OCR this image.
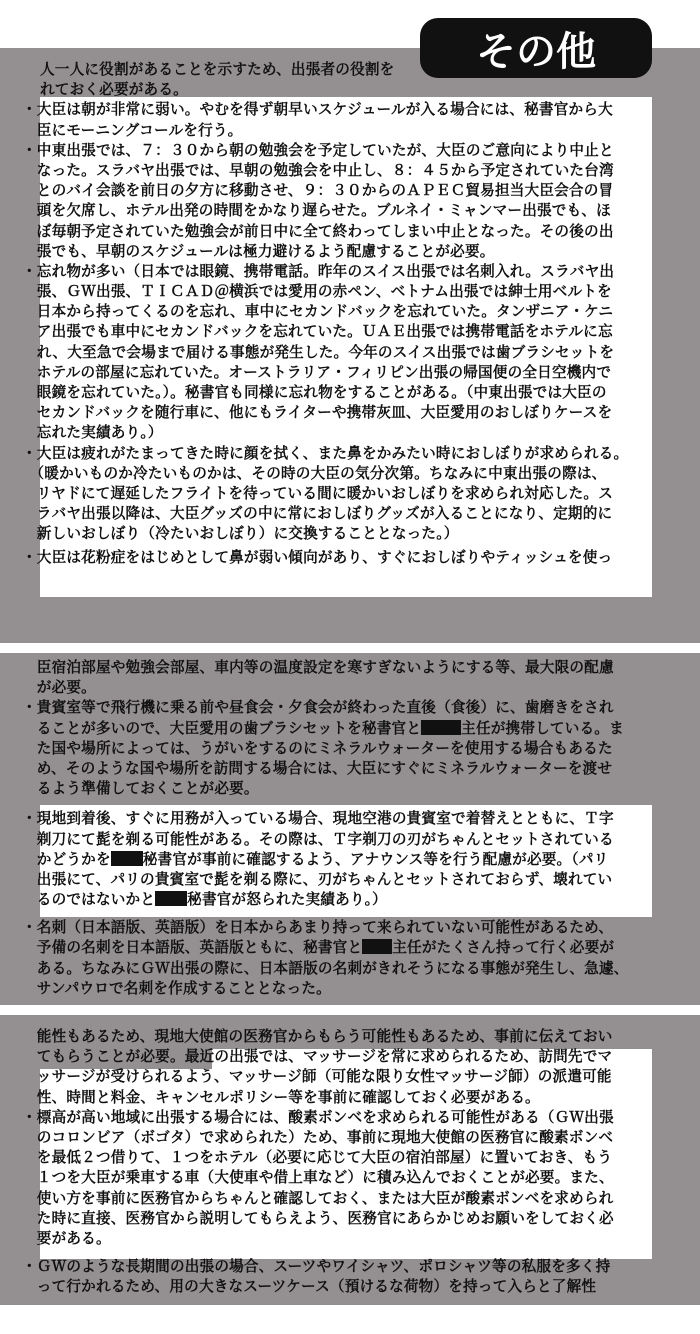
その他
人一人に役割があることを示すため、出張者の役割を
れておく必要がある。
・大臣は朝が非常に弱い。やむを得ず朝早いスケジュールが入る場合には、秘書官から大
　臣にモーニングコールを行う。
・中東出張では、７：３０から朝の勉強会を予定していたが、大臣のご意向により中止と
　なった。スラバヤ出張では、早朝の勉強会を中止し、８：４５から予定されていた台湾
　とのバイ会談を前日の夕方に移動させ、９：３０からのＡＰＥＣ貿易担当大臣会合の冒
　頭を欠席し、ホテル出発の時間をかなり遅らせた。ブルネイ・ミャンマー出張でも、ほ
　ぼ毎朝予定されていた勉強会が前日中に全て終わってしまい中止となった。その後の出
　張でも、早朝のスケジュールは極力避けるよう配慮することが必要。
・忘れ物が多い（日本では眼鏡、携帯電話。昨年のスイス出張では名刺入れ。スラバヤ出
　張、ＧＷ出張、ＴＩＣＡＤ＠横浜では愛用の赤ペン、ベトナム出張では紳士用ベルトを
　日本から持ってくるのを忘れ、車中にセカンドバックを忘れていた。タンザニア・ケニ
　ア出張でも車中にセカンドバックを忘れていた。ＵＡＥ出張では携帯電話をホテルに忘
　れ、大至急で会場まで届ける事態が発生した。今年のスイス出張では歯ブラシセットを
　ホテルの部屋に忘れていた。オーストラリア・フィリピン出張の帰国便の全日空機内で
　眼鏡を忘れていた。）。秘書官も同様に忘れ物をすることがある。（中東出張では大臣の
　セカンドバックを随行車に、他にもライターや携帯灰皿、大臣愛用のおしぼりケースを
　忘れた実績あり。）
・大臣は疲れがたまってきた時に顔を拭く、また鼻をかみたい時におしぼりが求められる。
　（暖かいものか冷たいものかは、その時の大臣の気分次第。ちなみに中東出張の際は、
　リヤドにて遅延したフライトを待っている間に暖かいおしぼりを求められ対応した。ス
　ラバヤ出張以降は、大臣グッズの中に常におしぼりグッズが入ることになり、定期的に
　新しいおしぼり（冷たいおしぼり）に交換することとなった。）
・大臣は花粉症をはじめとして鼻が弱い傾向があり、すぐにおしぼりやティッシュを使っ
　臣宿泊部屋や勉強会部屋、車内等の温度設定を寒すぎないようにする等、最大限の配慮
　が必要。
・貴賓室等で飛行機に乗る前や昼食会・夕食会が終わった直後（食後）に、歯磨きをされ
　ることが多いので、大臣愛用の歯ブラシセットを秘書官と	主任が携帯している。ま
　た国や場所によっては、うがいをするのにミネラルウォーターを使用する場合もあるた
　め、そのような国や場所を訪問する場合には、大臣にすぐにミネラルウォーターを渡せ
　るよう準備しておくことが必要。
・現地到着後、すぐに用務が入っている場合、現地空港の貴賓室で着替えとともに、Ｔ字
　剃刀にて髭を剃る可能性がある。その際は、Ｔ字剃刀の刃がちゃんとセットされている
　かどうかを 秘書官が事前に確認するよう、アナウンス等を行う配慮が必要。（パリ
　出張にて、パリの貴賓室で髭を剃る際に、刃がちゃんとセットされておらず、壊れてい
　るのではないかと 秘書官が怒られた実績あり。）
・名刺（日本語版、英語版）を日本からあまり持って来られていない可能性があるため、
　予備の名刺を日本語版、英語版ともに、秘書官と 主任がたくさん持って行く必要が
　ある。ちなみにＧＷ出張の際に、日本語版の名刺がきれそうになる事態が発生し、急遽、
　サンパウロで名刺を作成することとなった。
　能性もあるため、現地大使館の医務官からもらう可能性もあるため、事前に伝えておい
　てもらうことが必要。最近の出張では、マッサージを常に求められるため、訪問先でマ
　ッサージが受けられるよう、マッサージ師（可能な限り女性マッサージ師）の派遣可能
　性、時間と料金、キャンセルポリシー等を事前に確認しておく必要がある。
・標高が高い地域に出張する場合には、酸素ボンベを求められる可能性がある（ＧＷ出張
　のコロンビア（ボゴタ）で求められた）ため、事前に現地大使館の医務官に酸素ボンベ
　を最低２つ借りて、１つをホテル（必要に応じて大臣の宿泊部屋）に置いておき、もう
　１つを大臣が乗車する車（大使車や借上車など）に積み込んでおくことが必要。また、
　使い方を事前に医務官からちゃんと確認しておく、または大臣が酸素ボンベを求められ
　た時に直接、医務官から説明してもらえよう、医務官にあらかじめお願いをしておく必
　要がある。
・ＧＷのような長期間の出張の場合、スーツやワイシャツ、ポロシャツ等の私服を多く持
　って行かれるため、用の大きなスーツケース（預けるな荷物）を持って入らと了解性
